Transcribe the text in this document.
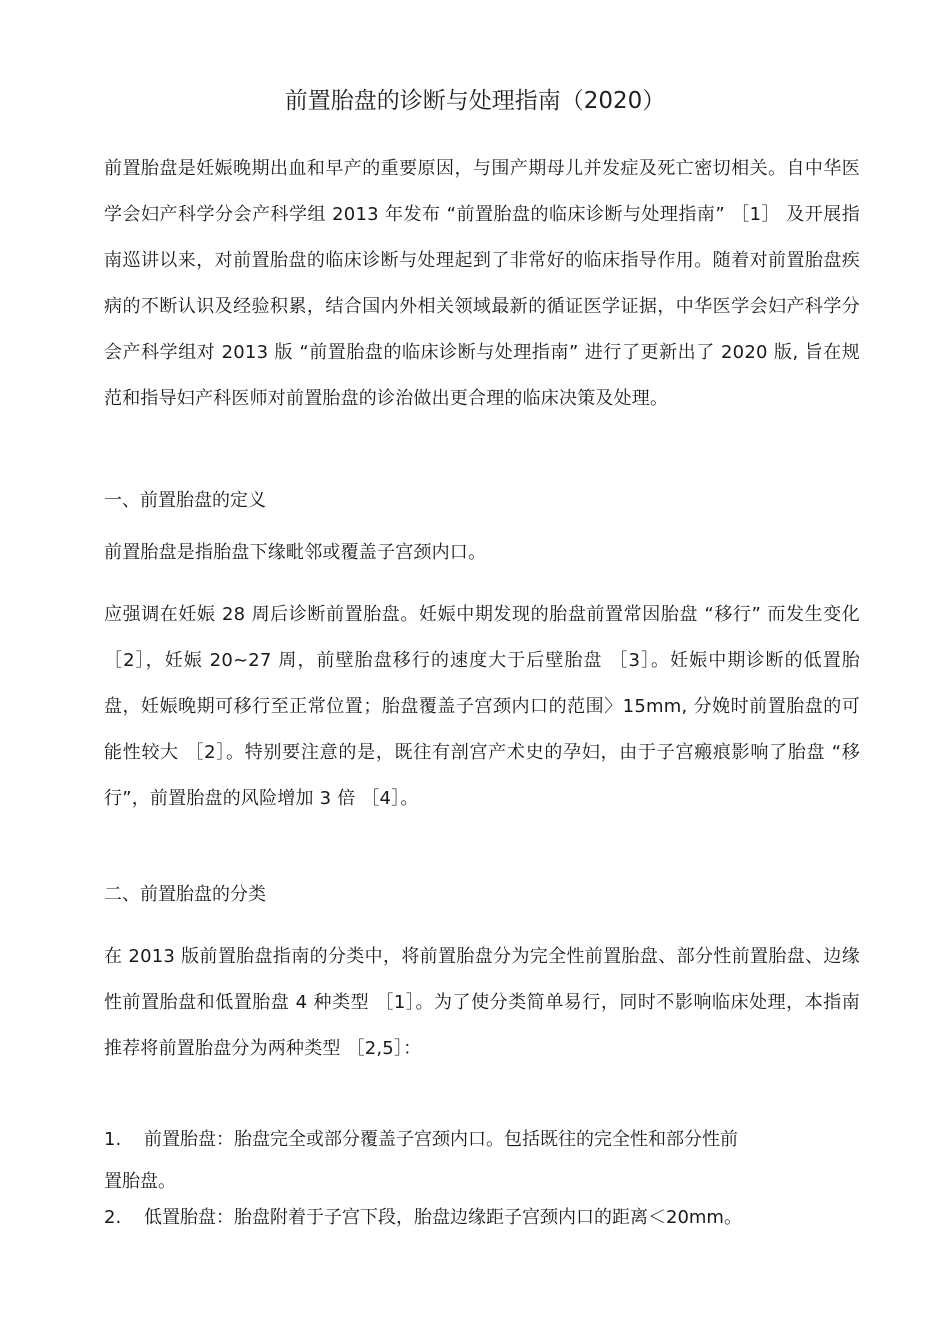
前置胎盘的诊断与处理指南（2020）

前置胎盘是妊娠晚期出血和早产的重要原因，与围产期母儿并发症及死亡密切相关。自中华医学会妇产科学分会产科学组 2013 年发布 “前置胎盘的临床诊断与处理指南” ［1］ 及开展指南巡讲以来，对前置胎盘的临床诊断与处理起到了非常好的临床指导作用。随着对前置胎盘疾病的不断认识及经验积累，结合国内外相关领域最新的循证医学证据，中华医学会妇产科学分会产科学组对 2013 版 “前置胎盘的临床诊断与处理指南” 进行了更新出了 2020 版, 旨在规范和指导妇产科医师对前置胎盘的诊治做出更合理的临床决策及处理。

一、前置胎盘的定义

前置胎盘是指胎盘下缘毗邻或覆盖子宫颈内口。

应强调在妊娠 28 周后诊断前置胎盘。妊娠中期发现的胎盘前置常因胎盘 “移行” 而发生变化 ［2］，妊娠 20~27 周，前壁胎盘移行的速度大于后壁胎盘 ［3］。妊娠中期诊断的低置胎盘，妊娠晚期可移行至正常位置；胎盘覆盖子宫颈内口的范围〉15mm, 分娩时前置胎盘的可能性较大 ［2］。特别要注意的是，既往有剖宫产术史的孕妇，由于子宫瘢痕影响了胎盘 “移行”，前置胎盘的风险增加 3 倍 ［4］。

二、前置胎盘的分类

在 2013 版前置胎盘指南的分类中，将前置胎盘分为完全性前置胎盘、部分性前置胎盘、边缘性前置胎盘和低置胎盘 4 种类型 ［1］。为了使分类简单易行，同时不影响临床处理，本指南推荐将前置胎盘分为两种类型 ［2,5］：

1. 前置胎盘：胎盘完全或部分覆盖子宫颈内口。包括既往的完全性和部分性前
置胎盘。
2. 低置胎盘：胎盘附着于子宫下段，胎盘边缘距子宫颈内口的距离＜20mm。
